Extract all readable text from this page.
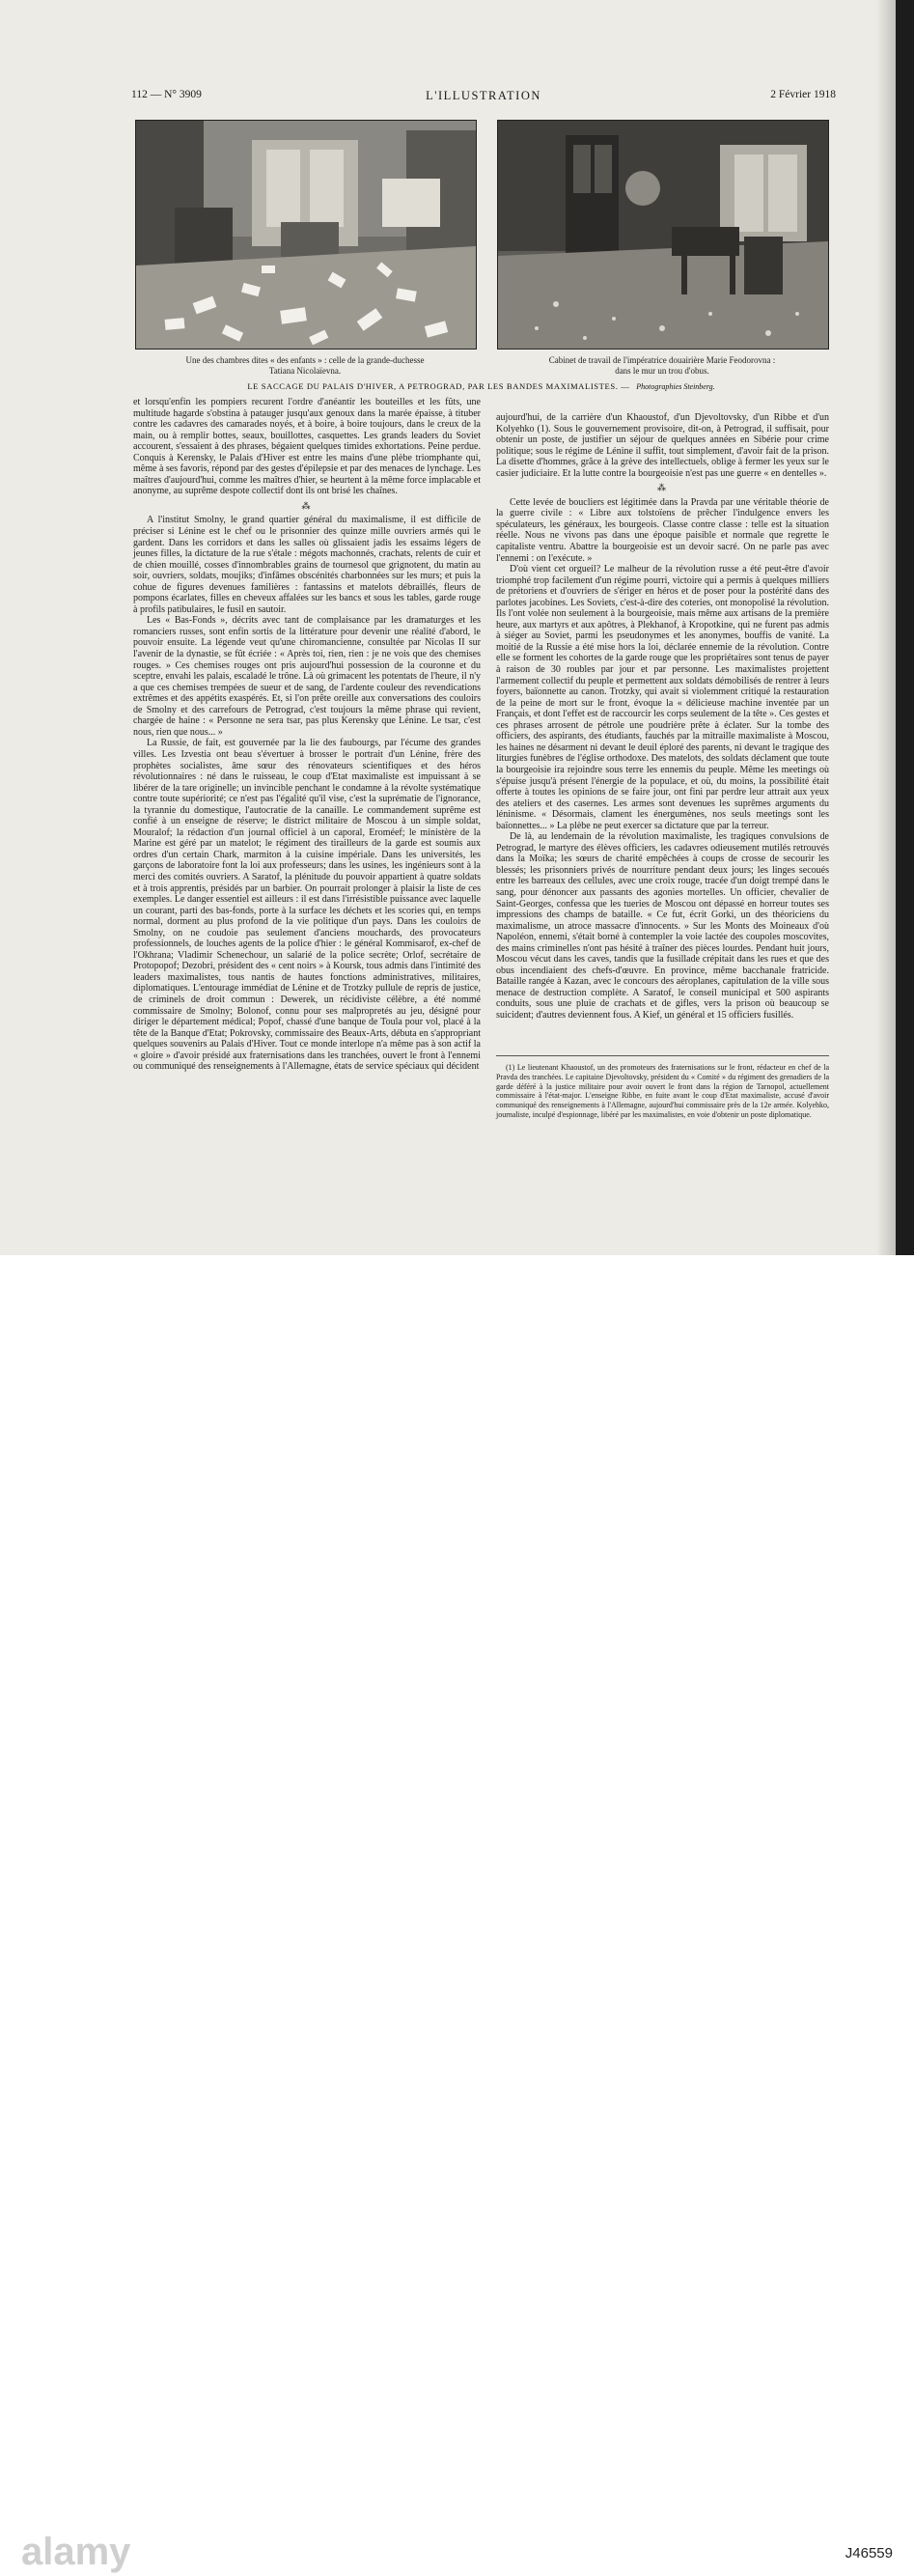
112 — N° 3909	L'ILLUSTRATION	2 Février 1918
Une des chambres dites « des enfants » : celle de la grande-duchesse
Tatiana Nicolaïevna.
Cabinet de travail de l'impératrice douairière Marie Feodorovna :
dans le mur un trou d'obus.
LE SACCAGE DU PALAIS D'HIVER, A PETROGRAD, PAR LES BANDES MAXIMALISTES. — Photographies Steinberg.

et lorsqu'enfin les pompiers recurent l'ordre d'anéantir les bouteilles et les fûts, une multitude hagarde s'obstina à patauger jusqu'aux genoux dans la marée épaisse, à tituber contre les cadavres des camarades noyés, et à boire, à boire toujours, dans le creux de la main, ou à remplir bottes, seaux, bouillottes, casquettes. Les grands leaders du Soviet accourent, s'essaient à des phrases, bégaient quelques timides exhortations. Peine perdue. Conquis à Kerensky, le Palais d'Hiver est entre les mains d'une plèbe triomphante qui, même à ses favoris, répond par des gestes d'épilepsie et par des menaces de lynchage. Les maîtres d'aujourd'hui, comme les maîtres d'hier, se heurtent à la même force implacable et anonyme, au suprême despote collectif dont ils ont brisé les chaînes.

⁂

A l'institut Smolny, le grand quartier général du maximalisme, il est difficile de préciser si Lénine est le chef ou le prisonnier des quinze mille ouvriers armés qui le gardent. Dans les corridors et dans les salles où glissaient jadis les essaims légers de jeunes filles, la dictature de la rue s'étale : mégots machonnés, crachats, relents de cuir et de chien mouillé, cosses d'innombrables grains de tournesol que grignotent, du matin au soir, ouvriers, soldats, moujiks; d'infâmes obscénités charbonnées sur les murs; et puis la cohue de figures devenues familières : fantassins et matelots débraillés, fleurs de pompons écarlates, filles en cheveux affalées sur les bancs et sous les tables, garde rouge à profils patibulaires, le fusil en sautoir.

Les « Bas-Fonds », décrits avec tant de complaisance par les dramaturges et les romanciers russes, sont enfin sortis de la littérature pour devenir une réalité d'abord, le pouvoir ensuite. La légende veut qu'une chiromancienne, consultée par Nicolas II sur l'avenir de la dynastie, se fût écriée : « Après toi, rien, rien : je ne vois que des chemises rouges. » Ces chemises rouges ont pris aujourd'hui possession de la couronne et du sceptre, envahi les palais, escaladé le trône. Là où grimacent les potentats de l'heure, il n'y a que ces chemises trempées de sueur et de sang, de l'ardente couleur des revendications extrêmes et des appétits exaspérés. Et, si l'on prête oreille aux conversations des couloirs de Smolny et des carrefours de Petrograd, c'est toujours la même phrase qui revient, chargée de haine : « Personne ne sera tsar, pas plus Kerensky que Lénine. Le tsar, c'est nous, rien que nous... »

La Russie, de fait, est gouvernée par la lie des faubourgs, par l'écume des grandes villes. Les Izvestia ont beau s'évertuer à brosser le portrait d'un Lénine, frère des prophètes socialistes, âme sœur des rénovateurs scientifiques et des héros révolutionnaires : né dans le ruisseau, le coup d'Etat maximaliste est impuissant à se libérer de la tare originelle; un invincible penchant le condamne à la révolte systématique contre toute supériorité; ce n'est pas l'égalité qu'il vise, c'est la suprématie de l'ignorance, la tyrannie du domestique, l'autocratie de la canaille. Le commandement suprême est confié à un enseigne de réserve; le district militaire de Moscou à un simple soldat, Mouralof; la rédaction d'un journal officiel à un caporal, Eroméef; le ministère de la Marine est géré par un matelot; le régiment des tirailleurs de la garde est soumis aux ordres d'un certain Chark, marmiton à la cuisine impériale. Dans les universités, les garçons de laboratoire font la loi aux professeurs; dans les usines, les ingénieurs sont à la merci des comités ouvriers. A Saratof, la plénitude du pouvoir appartient à quatre soldats et à trois apprentis, présidés par un barbier. On pourrait prolonger à plaisir la liste de ces exemples. Le danger essentiel est ailleurs : il est dans l'irrésistible puissance avec laquelle un courant, parti des bas-fonds, porte à la surface les déchets et les scories qui, en temps normal, dorment au plus profond de la vie politique d'un pays. Dans les couloirs de Smolny, on ne coudoie pas seulement d'anciens mouchards, des provocateurs professionnels, de louches agents de la police d'hier : le général Kommisarof, ex-chef de l'Okhrana; Vladimir Schenechour, un salarié de la police secrète; Orlof, secrétaire de Protopopof; Dezobri, président des « cent noirs » à Koursk, tous admis dans l'intimité des leaders maximalistes, tous nantis de hautes fonctions administratives, militaires, diplomatiques. L'entourage immédiat de Lénine et de Trotzky pullule de repris de justice, de criminels de droit commun : Dewerek, un récidiviste célèbre, a été nommé commissaire de Smolny; Bolonof, connu pour ses malpropretés au jeu, désigné pour diriger le département médical; Popof, chassé d'une banque de Toula pour vol, placé à la tête de la Banque d'Etat; Pokrovsky, commissaire des Beaux-Arts, débuta en s'appropriant quelques souvenirs au Palais d'Hiver. Tout ce monde interlope n'a même pas à son actif la « gloire » d'avoir présidé aux fraternisations dans les tranchées, ouvert le front à l'ennemi ou communiqué des renseignements à l'Allemagne, états de service spéciaux qui décident

aujourd'hui, de la carrière d'un Khaoustof, d'un Djevoltovsky, d'un Ribbe et d'un Kolyehko (1). Sous le gouvernement provisoire, dit-on, à Petrograd, il suffisait, pour obtenir un poste, de justifier un séjour de quelques années en Sibérie pour crime politique; sous le régime de Lénine il suffit, tout simplement, d'avoir fait de la prison. La disette d'hommes, grâce à la grève des intellectuels, oblige à fermer les yeux sur le casier judiciaire. Et la lutte contre la bourgeoisie n'est pas une guerre « en dentelles ».

⁂

Cette levée de boucliers est légitimée dans la Pravda par une véritable théorie de la guerre civile : « Libre aux tolstoïens de prêcher l'indulgence envers les spéculateurs, les généraux, les bourgeois. Classe contre classe : telle est la situation réelle. Nous ne vivons pas dans une époque paisible et normale que regrette le capitaliste ventru. Abattre la bourgeoisie est un devoir sacré. On ne parle pas avec l'ennemi : on l'exécute. »

D'où vient cet orgueil? Le malheur de la révolution russe a été peut-être d'avoir triomphé trop facilement d'un régime pourri, victoire qui a permis à quelques milliers de prétoriens et d'ouvriers de s'ériger en héros et de poser pour la postérité dans des parlotes jacobines. Les Soviets, c'est-à-dire des coteries, ont monopolisé la révolution. Ils l'ont volée non seulement à la bourgeoisie, mais même aux artisans de la première heure, aux martyrs et aux apôtres, à Plekhanof, à Kropotkine, qui ne furent pas admis à siéger au Soviet, parmi les pseudonymes et les anonymes, bouffis de vanité. La moitié de la Russie a été mise hors la loi, déclarée ennemie de la révolution. Contre elle se forment les cohortes de la garde rouge que les propriétaires sont tenus de payer à raison de 30 roubles par jour et par personne. Les maximalistes projettent l'armement collectif du peuple et permettent aux soldats démobilisés de rentrer à leurs foyers, baïonnette au canon. Trotzky, qui avait si violemment critiqué la restauration de la peine de mort sur le front, évoque la « délicieuse machine inventée par un Français, et dont l'effet est de raccourcir les corps seulement de la tête ». Ces gestes et ces phrases arrosent de pétrole une poudrière prête à éclater. Sur la tombe des officiers, des aspirants, des étudiants, fauchés par la mitraille maximaliste à Moscou, les haines ne désarment ni devant le deuil éploré des parents, ni devant le tragique des liturgies funèbres de l'église orthodoxe. Des matelots, des soldats déclament que toute la bourgeoisie ira rejoindre sous terre les ennemis du peuple. Même les meetings où s'épuise jusqu'à présent l'énergie de la populace, et où, du moins, la possibilité était offerte à toutes les opinions de se faire jour, ont fini par perdre leur attrait aux yeux des ateliers et des casernes. Les armes sont devenues les suprêmes arguments du léninisme. « Désormais, clament les énergumènes, nos seuls meetings sont les baïonnettes... » La plèbe ne peut exercer sa dictature que par la terreur.

De là, au lendemain de la révolution maximaliste, les tragiques convulsions de Petrograd, le martyre des élèves officiers, les cadavres odieusement mutilés retrouvés dans la Moïka; les sœurs de charité empêchées à coups de crosse de secourir les blessés; les prisonniers privés de nourriture pendant deux jours; les linges secoués entre les barreaux des cellules, avec une croix rouge, tracée d'un doigt trempé dans le sang, pour dénoncer aux passants des agonies mortelles. Un officier, chevalier de Saint-Georges, confessa que les tueries de Moscou ont dépassé en horreur toutes ses impressions des champs de bataille. « Ce fut, écrit Gorki, un des théoriciens du maximalisme, un atroce massacre d'innocents. » Sur les Monts des Moineaux d'où Napoléon, ennemi, s'était borné à contempler la voie lactée des coupoles moscovites, des mains criminelles n'ont pas hésité à traîner des pièces lourdes. Pendant huit jours, Moscou vécut dans les caves, tandis que la fusillade crépitait dans les rues et que des obus incendiaient des chefs-d'œuvre. En province, même bacchanale fratricide. Bataille rangée à Kazan, avec le concours des aéroplanes, capitulation de la ville sous menace de destruction complète. A Saratof, le conseil municipal et 500 aspirants conduits, sous une pluie de crachats et de gifles, vers la prison où beaucoup se suicident; d'autres deviennent fous. A Kief, un général et 15 officiers fusillés.

(1) Le lieutenant Khaoustof, un des promoteurs des fraternisations sur le front, rédacteur en chef de la Pravda des tranchées. Le capitaine Djevoltovsky, président du « Comité » du régiment des grenadiers de la garde déféré à la justice militaire pour avoir ouvert le front dans la région de Tarnopol, actuellement commissaire à l'état-major. L'enseigne Ribbe, en fuite avant le coup d'Etat maximaliste, accusé d'avoir communiqué des renseignements à l'Allemagne, aujourd'hui commissaire près de la 12e armée. Kolyehko, journaliste, inculpé d'espionnage, libéré par les maximalistes, en voie d'obtenir un poste diplomatique.

alamy	J46559
